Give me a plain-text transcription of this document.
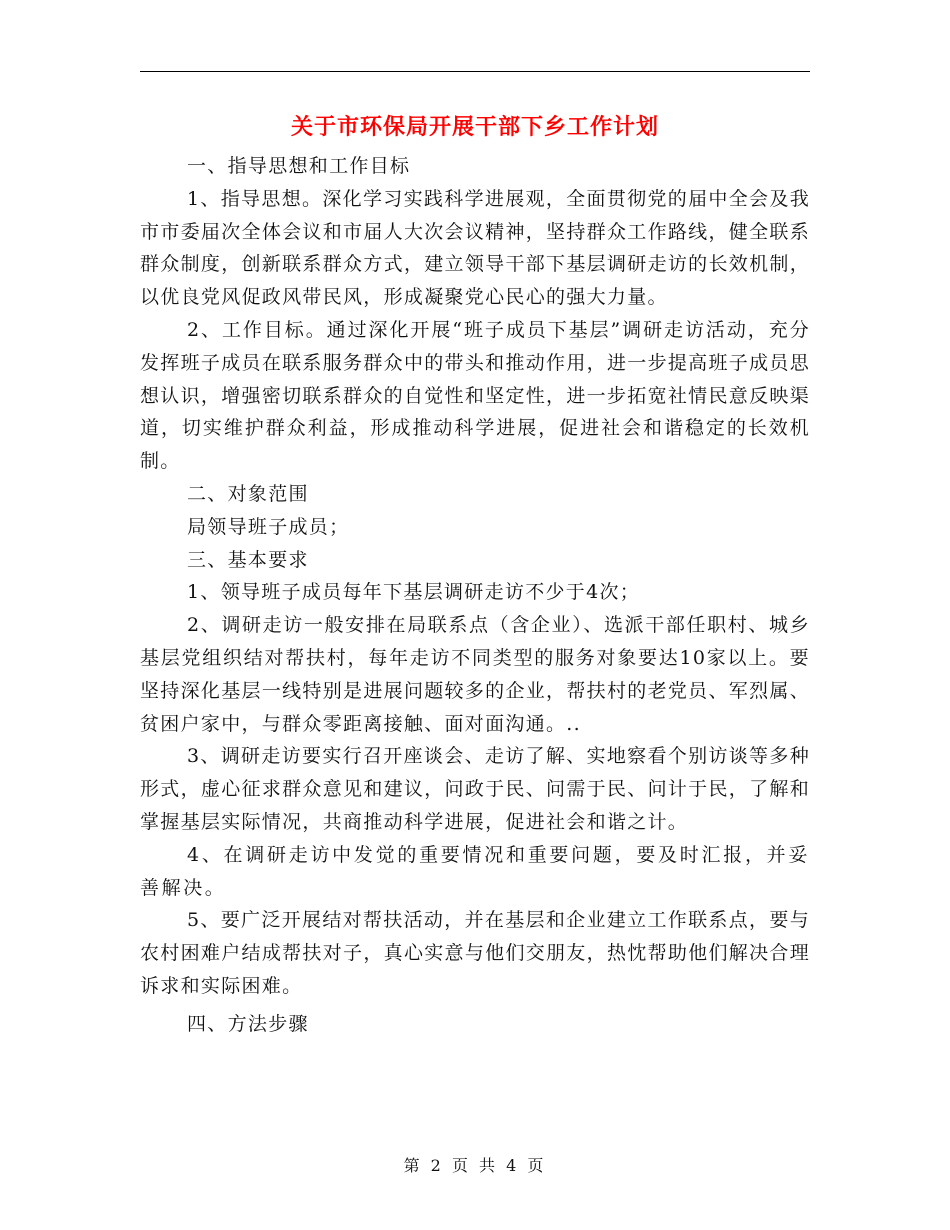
关于市环保局开展干部下乡工作计划

一、指导思想和工作目标

1、指导思想。深化学习实践科学进展观，全面贯彻党的届中全会及我市市委届次全体会议和市届人大次会议精神，坚持群众工作路线，健全联系群众制度，创新联系群众方式，建立领导干部下基层调研走访的长效机制，以优良党风促政风带民风，形成凝聚党心民心的强大力量。

2、工作目标。通过深化开展“班子成员下基层”调研走访活动，充分发挥班子成员在联系服务群众中的带头和推动作用，进一步提高班子成员思想认识，增强密切联系群众的自觉性和坚定性，进一步拓宽社情民意反映渠道，切实维护群众利益，形成推动科学进展，促进社会和谐稳定的长效机制。

二、对象范围

局领导班子成员；

三、基本要求

1、领导班子成员每年下基层调研走访不少于4次；

2、调研走访一般安排在局联系点（含企业）、选派干部任职村、城乡基层党组织结对帮扶村，每年走访不同类型的服务对象要达10家以上。要坚持深化基层一线特别是进展问题较多的企业，帮扶村的老党员、军烈属、贫困户家中，与群众零距离接触、面对面沟通。..

3、调研走访要实行召开座谈会、走访了解、实地察看个别访谈等多种形式，虚心征求群众意见和建议，问政于民、问需于民、问计于民，了解和掌握基层实际情况，共商推动科学进展，促进社会和谐之计。

4、在调研走访中发觉的重要情况和重要问题，要及时汇报，并妥善解决。

5、要广泛开展结对帮扶活动，并在基层和企业建立工作联系点，要与农村困难户结成帮扶对子，真心实意与他们交朋友，热忱帮助他们解决合理诉求和实际困难。

四、方法步骤

第 2 页 共 4 页
